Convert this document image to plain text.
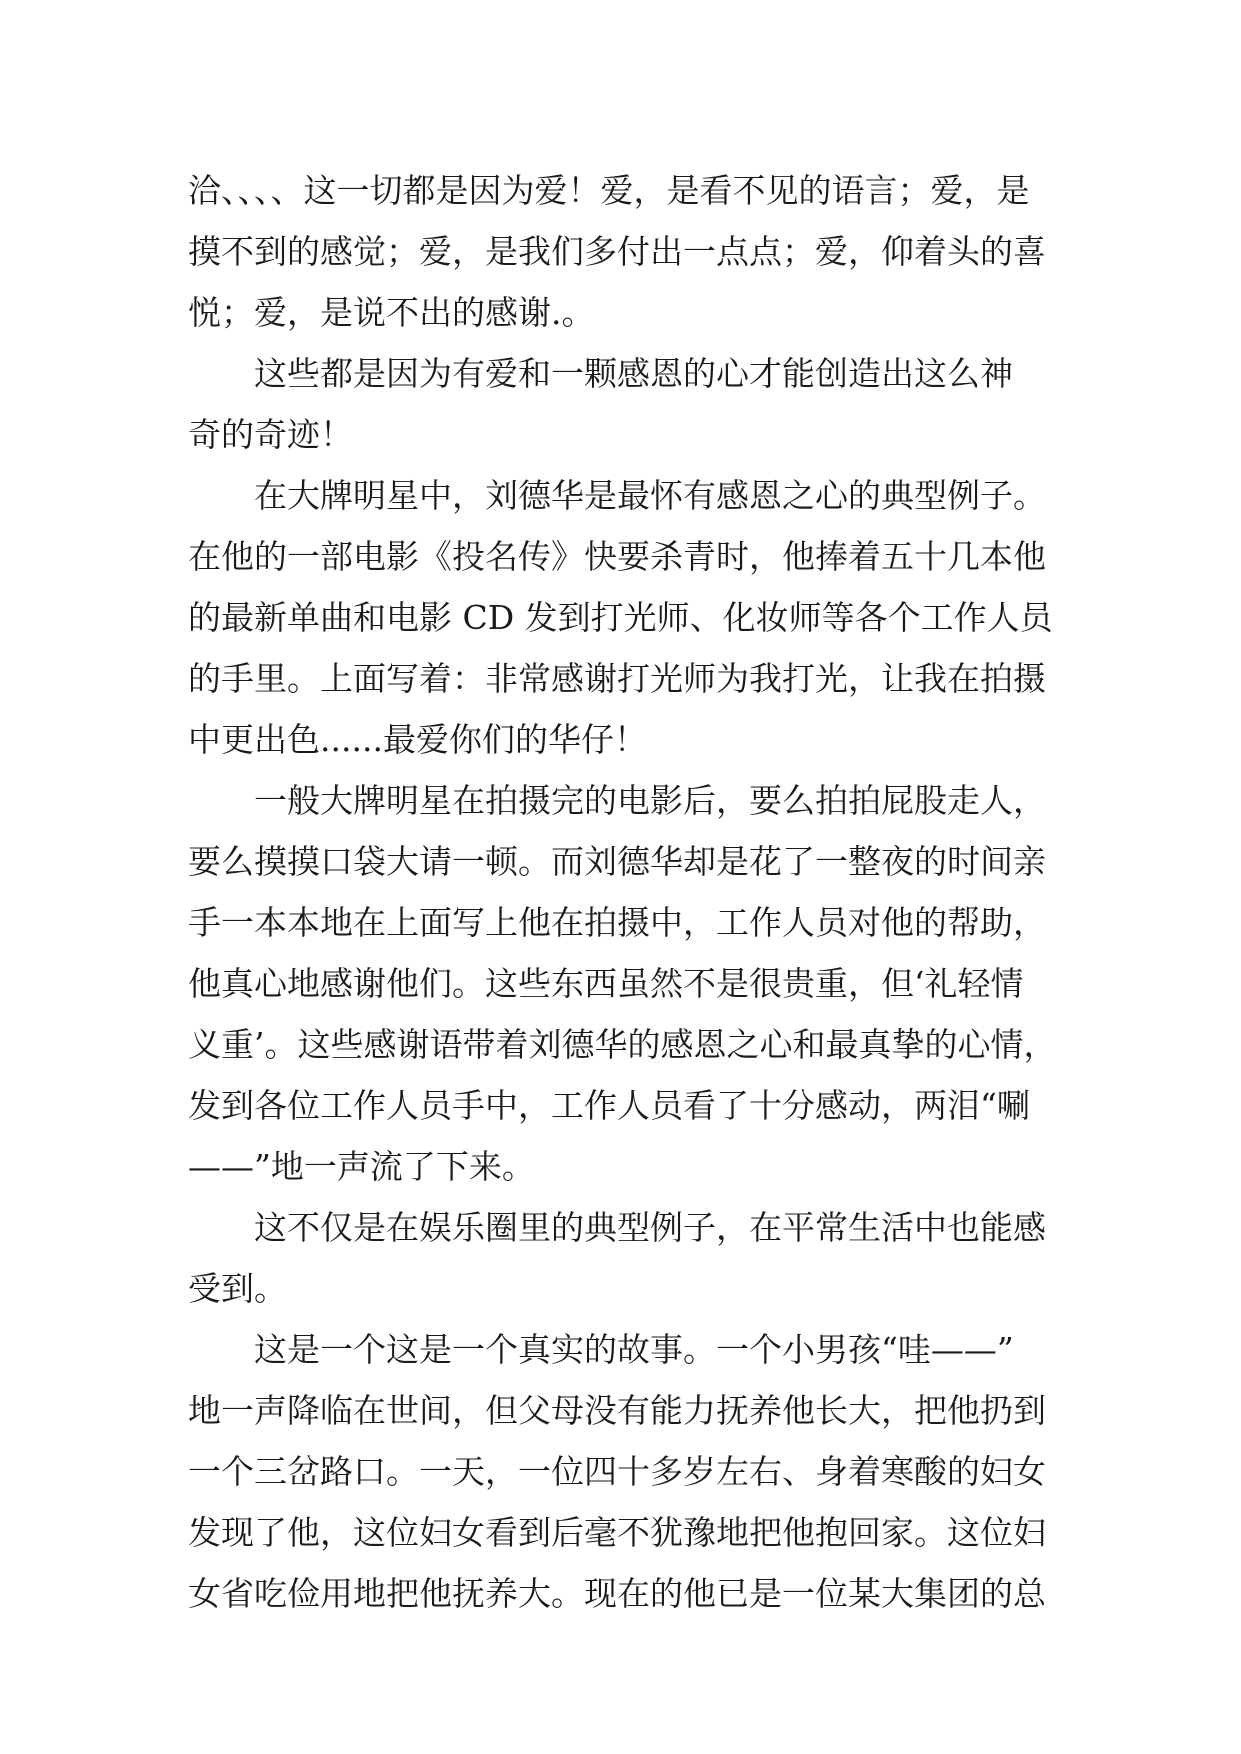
洽、、、、这一切都是因为爱！爱，是看不见的语言；爱，是
摸不到的感觉；爱，是我们多付出一点点；爱，仰着头的喜
悦；爱，是说不出的感谢.。
这些都是因为有爱和一颗感恩的心才能创造出这么神
奇的奇迹！
在大牌明星中，刘德华是最怀有感恩之心的典型例子。
在他的一部电影《投名传》快要杀青时，他捧着五十几本他
的最新单曲和电影 CD 发到打光师、化妆师等各个工作人员
的手里。上面写着：非常感谢打光师为我打光，让我在拍摄
中更出色......最爱你们的华仔！
一般大牌明星在拍摄完的电影后，要么拍拍屁股走人，
要么摸摸口袋大请一顿。而刘德华却是花了一整夜的时间亲
手一本本地在上面写上他在拍摄中，工作人员对他的帮助，
他真心地感谢他们。这些东西虽然不是很贵重，但‘礼轻情
义重’。这些感谢语带着刘德华的感恩之心和最真挚的心情，
发到各位工作人员手中，工作人员看了十分感动，两泪“唰
——”地一声流了下来。
这不仅是在娱乐圈里的典型例子，在平常生活中也能感
受到。
这是一个这是一个真实的故事。一个小男孩“哇——”
地一声降临在世间，但父母没有能力抚养他长大，把他扔到
一个三岔路口。一天，一位四十多岁左右、身着寒酸的妇女
发现了他，这位妇女看到后毫不犹豫地把他抱回家。这位妇
女省吃俭用地把他抚养大。现在的他已是一位某大集团的总
